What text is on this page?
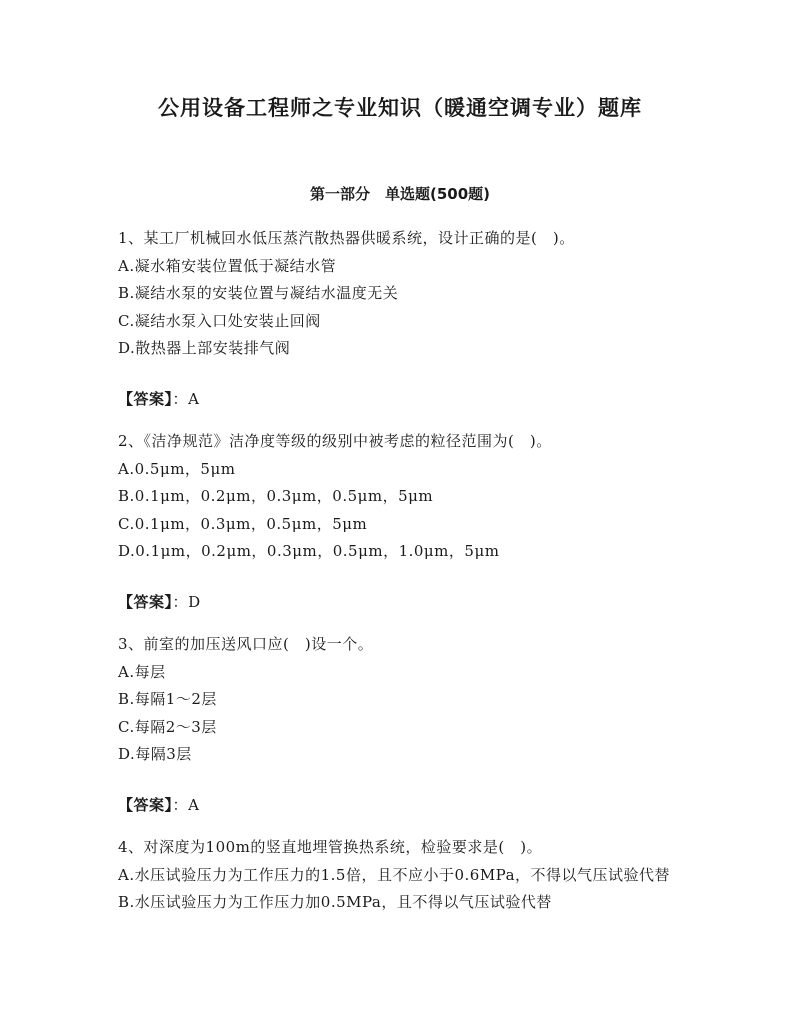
公用设备工程师之专业知识（暖通空调专业）题库
第一部分　单选题(500题)
1、某工厂机械回水低压蒸汽散热器供暖系统，设计正确的是(　)。
A.凝水箱安装位置低于凝结水管
B.凝结水泵的安装位置与凝结水温度无关
C.凝结水泵入口处安装止回阀
D.散热器上部安装排气阀
【答案】：A
2、《洁净规范》洁净度等级的级别中被考虑的粒径范围为(　)。
A.0.5μm，5μm
B.0.1μm，0.2μm，0.3μm，0.5μm，5μm
C.0.1μm，0.3μm，0.5μm，5μm
D.0.1μm，0.2μm，0.3μm，0.5μm，1.0μm，5μm
【答案】：D
3、前室的加压送风口应(　)设一个。
A.每层
B.每隔1～2层
C.每隔2～3层
D.每隔3层
【答案】：A
4、对深度为100m的竖直地埋管换热系统，检验要求是(　)。
A.水压试验压力为工作压力的1.5倍，且不应小于0.6MPa，不得以气压试验代替
B.水压试验压力为工作压力加0.5MPa，且不得以气压试验代替
